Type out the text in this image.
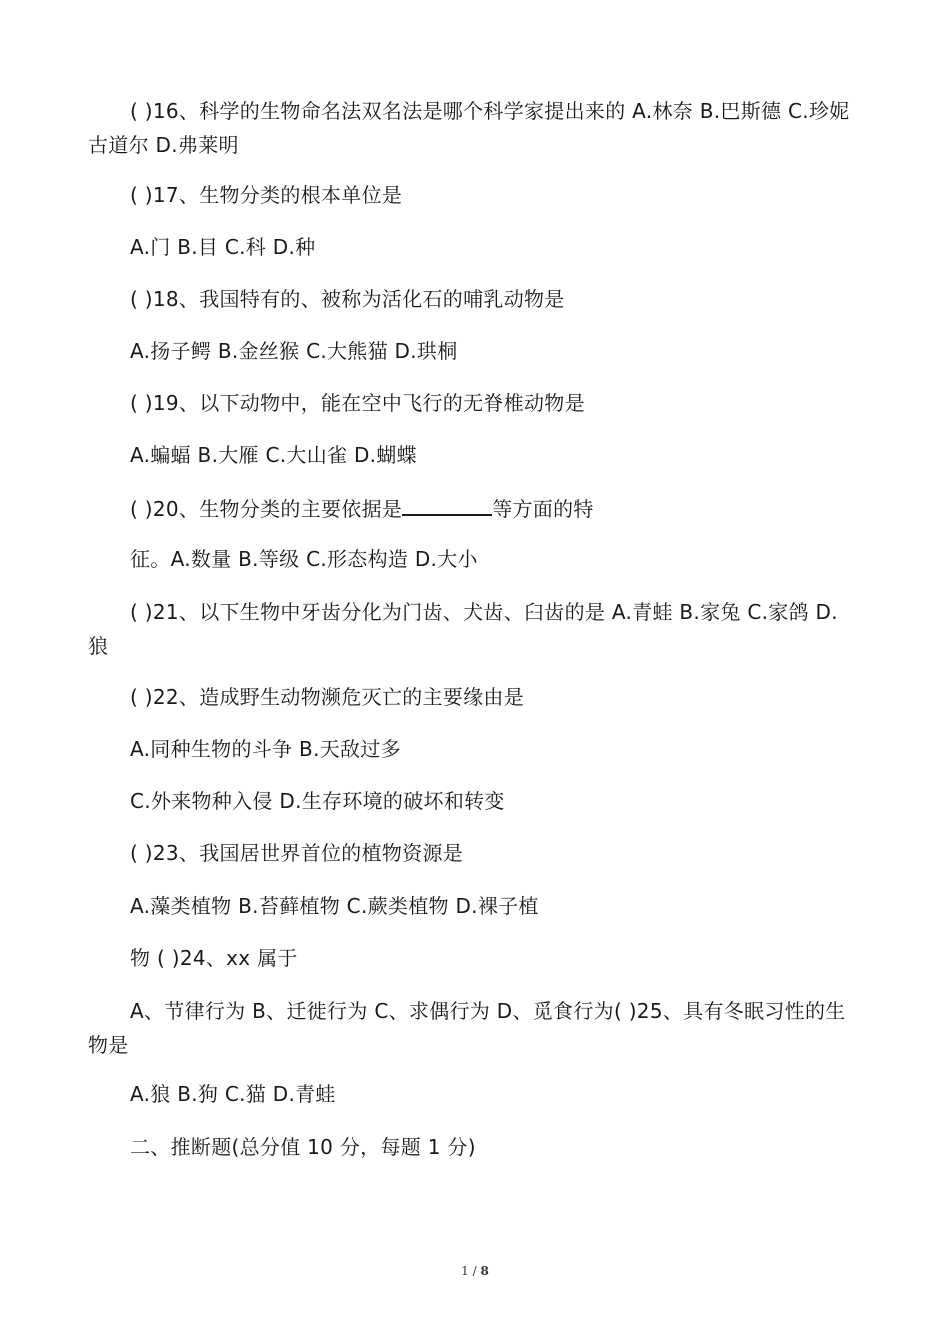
( )16、科学的生物命名法双名法是哪个科学家提出来的 A.林奈 B.巴斯德 C.珍妮古道尔 D.弗莱明
( )17、生物分类的根本单位是
A.门 B.目 C.科 D.种
( )18、我国特有的、被称为活化石的哺乳动物是
A.扬子鳄 B.金丝猴 C.大熊猫 D.珙桐
( )19、以下动物中，能在空中飞行的无脊椎动物是
A.蝙蝠 B.大雁 C.大山雀 D.蝴蝶
( )20、生物分类的主要依据是	等方面的特
征。A.数量 B.等级 C.形态构造 D.大小
( )21、以下生物中牙齿分化为门齿、犬齿、臼齿的是 A.青蛙 B.家兔 C.家鸽 D.狼
( )22、造成野生动物濒危灭亡的主要缘由是
A.同种生物的斗争 B.天敌过多
C.外来物种入侵 D.生存环境的破坏和转变
( )23、我国居世界首位的植物资源是
A.藻类植物 B.苔藓植物 C.蕨类植物 D.裸子植
物 ( )24、xx 属于
A、节律行为 B、迁徙行为 C、求偶行为 D、觅食行为( )25、具有冬眠习性的生物是
A.狼 B.狗 C.猫 D.青蛙
二、推断题(总分值 10 分，每题 1 分)
1 / 8
